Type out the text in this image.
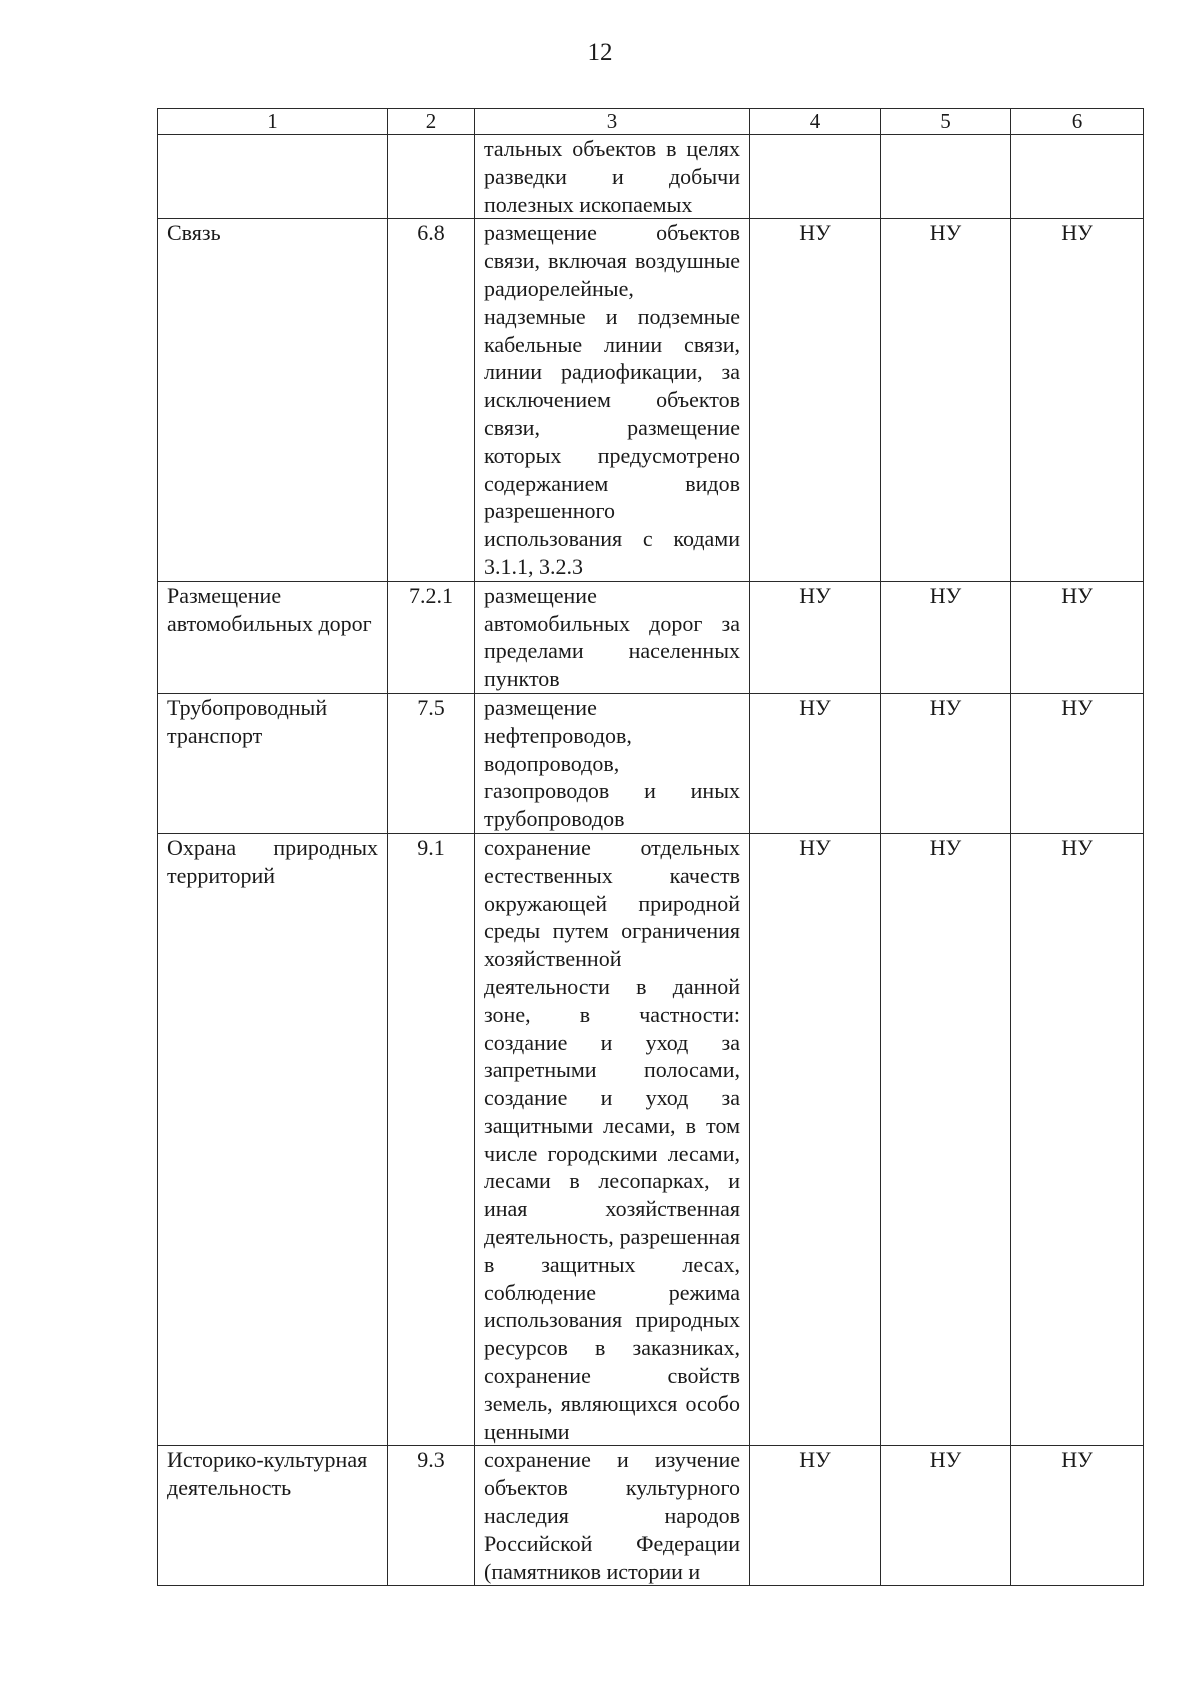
12
1	2	3	4	5	6
		тальных объектов в целях разведки и добычи полезных ископаемых			
Связь	6.8	размещение объектов связи, включая воздушные радиорелейные, надземные и подземные кабельные линии связи, линии радиофикации, за исключением объектов связи, размещение которых предусмотрено содержанием видов разрешенного использования с кодами 3.1.1, 3.2.3	НУ	НУ	НУ
Размещение автомобильных дорог	7.2.1	размещение автомобильных дорог за пределами населенных пунктов	НУ	НУ	НУ
Трубопроводный транспорт	7.5	размещение нефтепроводов, водопроводов, газопроводов и иных трубопроводов	НУ	НУ	НУ
Охрана природных территорий	9.1	сохранение отдельных естественных качеств окружающей природной среды путем ограничения хозяйственной деятельности в данной зоне, в частности: создание и уход за запретными полосами, создание и уход за защитными лесами, в том числе городскими лесами, лесами в лесопарках, и иная хозяйственная деятельность, разрешенная в защитных лесах, соблюдение режима использования природных ресурсов в заказниках, сохранение свойств земель, являющихся особо ценными	НУ	НУ	НУ
Историко-культурная деятельность	9.3	сохранение и изучение объектов культурного наследия народов Российской Федерации (памятников истории и	НУ	НУ	НУ
